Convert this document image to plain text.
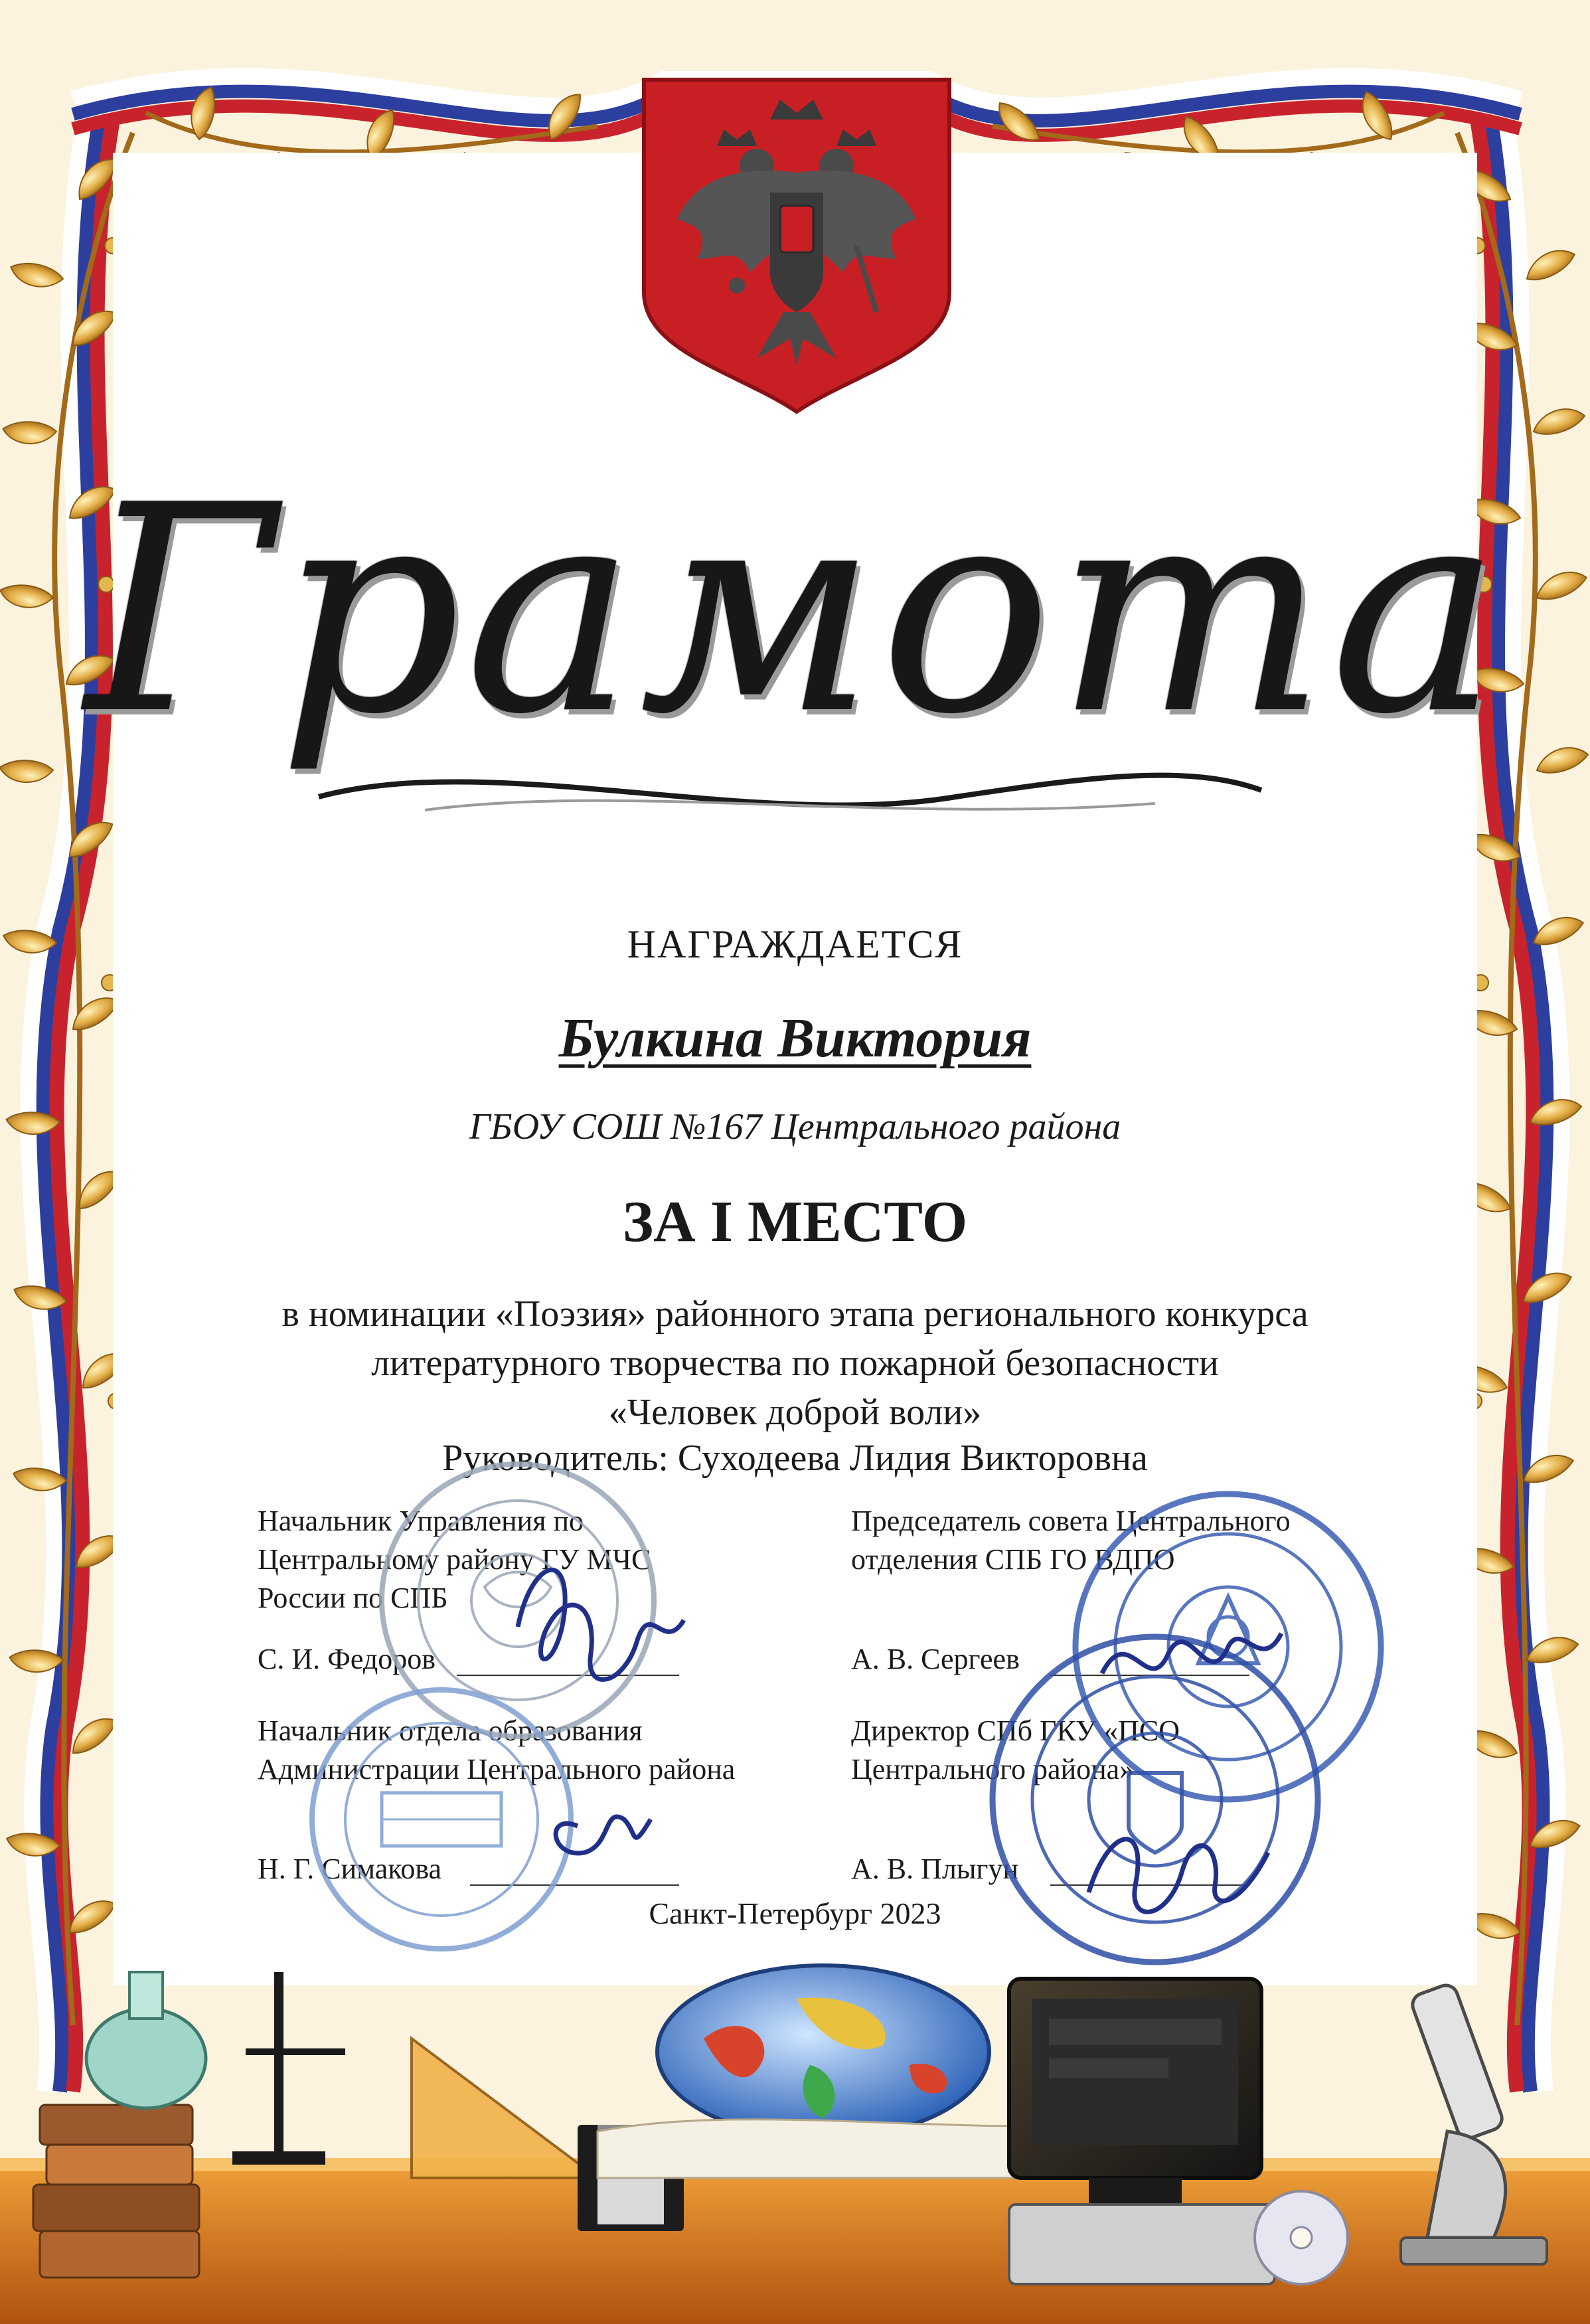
Грамота
НАГРАЖДАЕТСЯ
Булкина Виктория
ГБОУ СОШ №167 Центрального района
ЗА I МЕСТО
в номинации «Поэзия» районного этапа регионального конкурса
литературного творчества по пожарной безопасности
«Человек доброй воли»
Руководитель: Суходеева Лидия Викторовна
Начальник Управления по
Центральному району ГУ МЧС
России по СПБ
С. И. Федоров
Начальник отдела образования
Администрации Центрального района
Н. Г. Симакова
Председатель совета Центрального
отделения СПБ ГО ВДПО
А. В. Сергеев
Директор СПб ГКУ «ПСО
Центрального района»
А. В. Плыгун
Санкт-Петербург 2023
